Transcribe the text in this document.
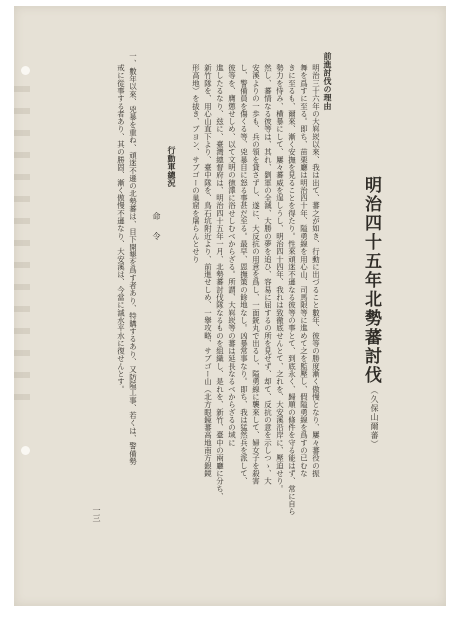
明治四十五年北勢蕃討伐
（久保山爾蕃）
前進討伐の理由
明治三十六年の大嵙崁以來、我は出て、蕃之が如き、行動に出づること數年、彼等の勝度漸く傲慢となり、屢々蕃役の振
舞を爲すに至る。即ち、苗栗廳は明治四十年、隘勇線を用心山、司馬限等に進めて之を監壓し、假隘勇線を爲すの已むな
きに至るも、爾來、漸く安撫を見ることを得たり。性來頑迷不遜なる彼等の事とて、到底永く、歸順の條件を守る能はず、常に自ら
勢力を恃み、横暴にして、屢々蕃威を逞しうし、明治四十四年、我れは致徹底せんとて、之れを、大安溪沿岸に、壓迫せり。
然し、蕃情なる彼等は、其れ、劉軍の全滅、大勝の夢を追ひ、容易に屈するの所を見せず、却て、反抗の意を示しつゝ、大
安溪よりの一歩も、兵の領を貸さずし、遂に、大反抗の用意を爲し、一面銃丸で出るし、隘勇線に襲來して、婦女子を殺害
し、警備員を傷くる等、兇暴目に怒る事甚だ至る。最早、恩撫策の餘地なし。凶暴常事なり。即ち、我は猛然兵を派して、
彼等を、膺懲せしめ、以て文明の徳澤に浴せしむべからざる。所謂、大嵙崁等の蕃は延長なるべからざるの域に
進したるなり、玆に、臺灣總督府は、明治四十五年一月、北勢蕃討伐隊なるものを組織し、是れを、新竹、臺中の兩廳に分ち、
新竹隊を、用心山直下より、臺中隊を、鳥石坑附近より、前進せしめ、一擧攻略、サブゴー山（北方眼鏡蕃高地南方銀鏡
形高地）を拔き、ブヨン、サブゴーの巢窟を屠らんとせり
行動軍總況
命　令
一、數年以來、兇暴を重ね、頑迷不遜の北勢蕃は、目下開墾を爲す者あり、特購するあり、又防隘工事、若くは、警備勢
戒に從事する者あり、其の勝固、漸く傲慢不遜なり、大安溪は、今當に滅水平水に復せんとす。
一三
